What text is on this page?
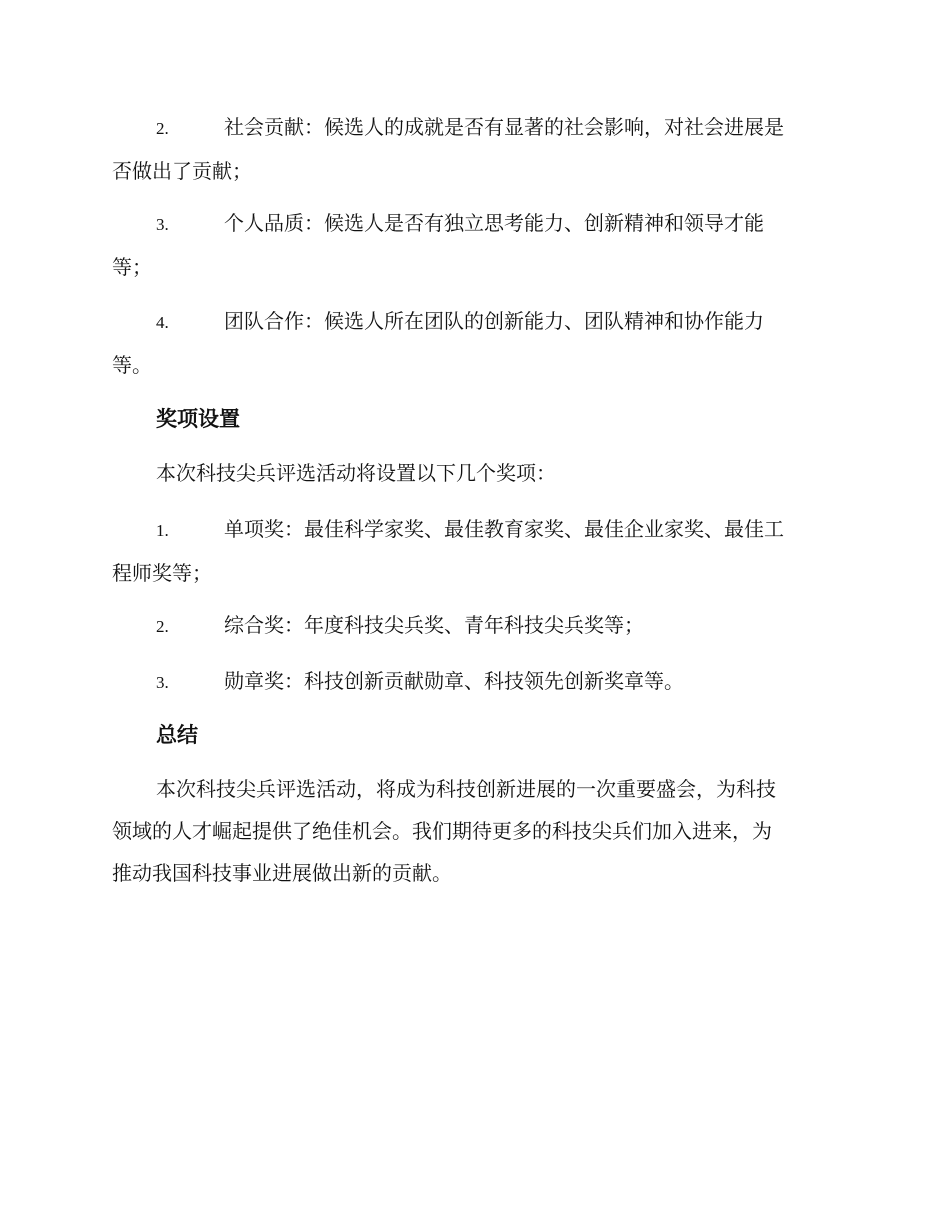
2.	社会贡献：候选人的成就是否有显著的社会影响，对社会进展是
否做出了贡献；
3.	个人品质：候选人是否有独立思考能力、创新精神和领导才能
等；
4.	团队合作：候选人所在团队的创新能力、团队精神和协作能力
等。
奖项设置
本次科技尖兵评选活动将设置以下几个奖项：
1.	单项奖：最佳科学家奖、最佳教育家奖、最佳企业家奖、最佳工
程师奖等；
2.	综合奖：年度科技尖兵奖、青年科技尖兵奖等；
3.	勋章奖：科技创新贡献勋章、科技领先创新奖章等。
总结
本次科技尖兵评选活动，将成为科技创新进展的一次重要盛会，为科技
领域的人才崛起提供了绝佳机会。我们期待更多的科技尖兵们加入进来，为
推动我国科技事业进展做出新的贡献。
